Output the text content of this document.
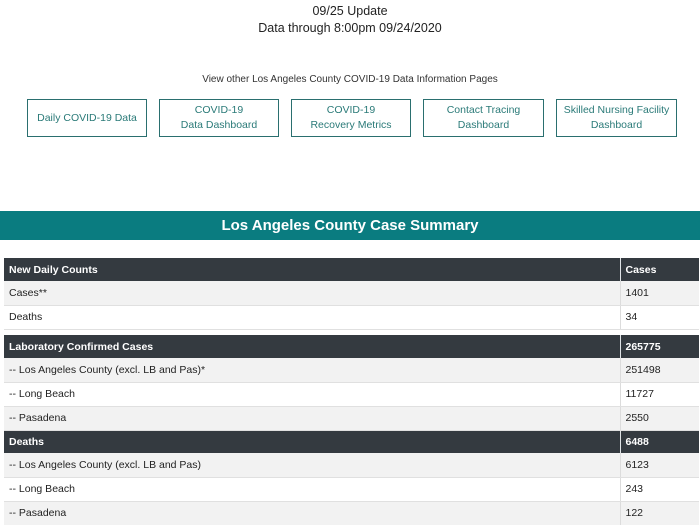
09/25 Update
Data through 8:00pm 09/24/2020
View other Los Angeles County COVID-19 Data Information Pages
Daily COVID-19 Data
COVID-19
Data Dashboard
COVID-19
Recovery Metrics
Contact Tracing
Dashboard
Skilled Nursing Facility
Dashboard
Los Angeles County Case Summary
New Daily Counts	Cases
Cases**	1401
Deaths	34

Laboratory Confirmed Cases	265775
-- Los Angeles County (excl. LB and Pas)*	251498
-- Long Beach	11727
-- Pasadena	2550
Deaths	6488
-- Los Angeles County (excl. LB and Pas)	6123
-- Long Beach	243
-- Pasadena	122
